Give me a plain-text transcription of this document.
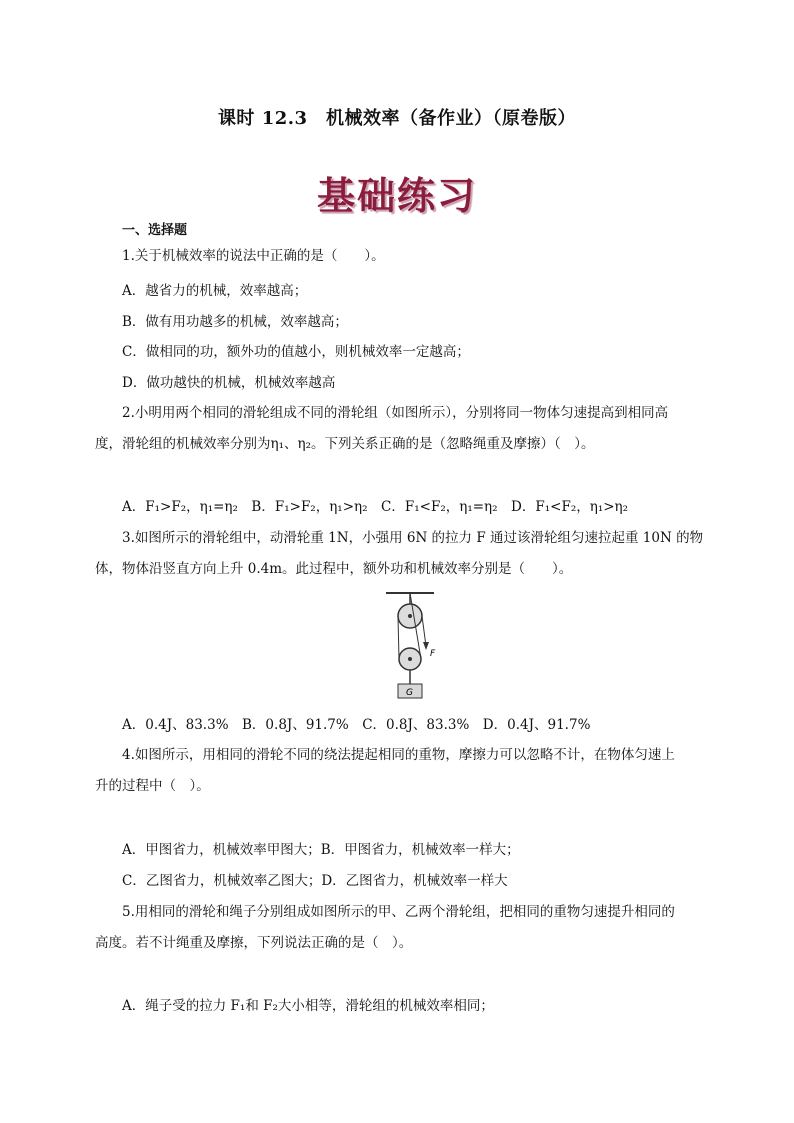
课时 12.3　机械效率（备作业）（原卷版）
基础练习
一、选择题
1.关于机械效率的说法中正确的是（　　）。
A．越省力的机械，效率越高；
B．做有用功越多的机械，效率越高；
C．做相同的功，额外功的值越小，则机械效率一定越高；
D．做功越快的机械，机械效率越高
2.小明用两个相同的滑轮组成不同的滑轮组（如图所示），分别将同一物体匀速提高到相同高
度，滑轮组的机械效率分别为η₁、η₂。下列关系正确的是（忽略绳重及摩擦）（　）。
A．F₁>F₂，η₁=η₂　B．F₁>F₂，η₁>η₂　C．F₁<F₂，η₁=η₂　D．F₁<F₂，η₁>η₂
3.如图所示的滑轮组中，动滑轮重 1N，小强用 6N 的拉力 F 通过该滑轮组匀速拉起重 10N 的物
体，物体沿竖直方向上升 0.4m。此过程中，额外功和机械效率分别是（　　）。
F
G
A．0.4J、83.3%　B．0.8J、91.7%　C．0.8J、83.3%　D．0.4J、91.7%
4.如图所示，用相同的滑轮不同的绕法提起相同的重物，摩擦力可以忽略不计，在物体匀速上
升的过程中（　）。
A．甲图省力，机械效率甲图大；B．甲图省力，机械效率一样大；
C．乙图省力，机械效率乙图大；D．乙图省力，机械效率一样大
5.用相同的滑轮和绳子分别组成如图所示的甲、乙两个滑轮组，把相同的重物匀速提升相同的
高度。若不计绳重及摩擦，下列说法正确的是（　）。
A．绳子受的拉力 F₁和 F₂大小相等，滑轮组的机械效率相同；
